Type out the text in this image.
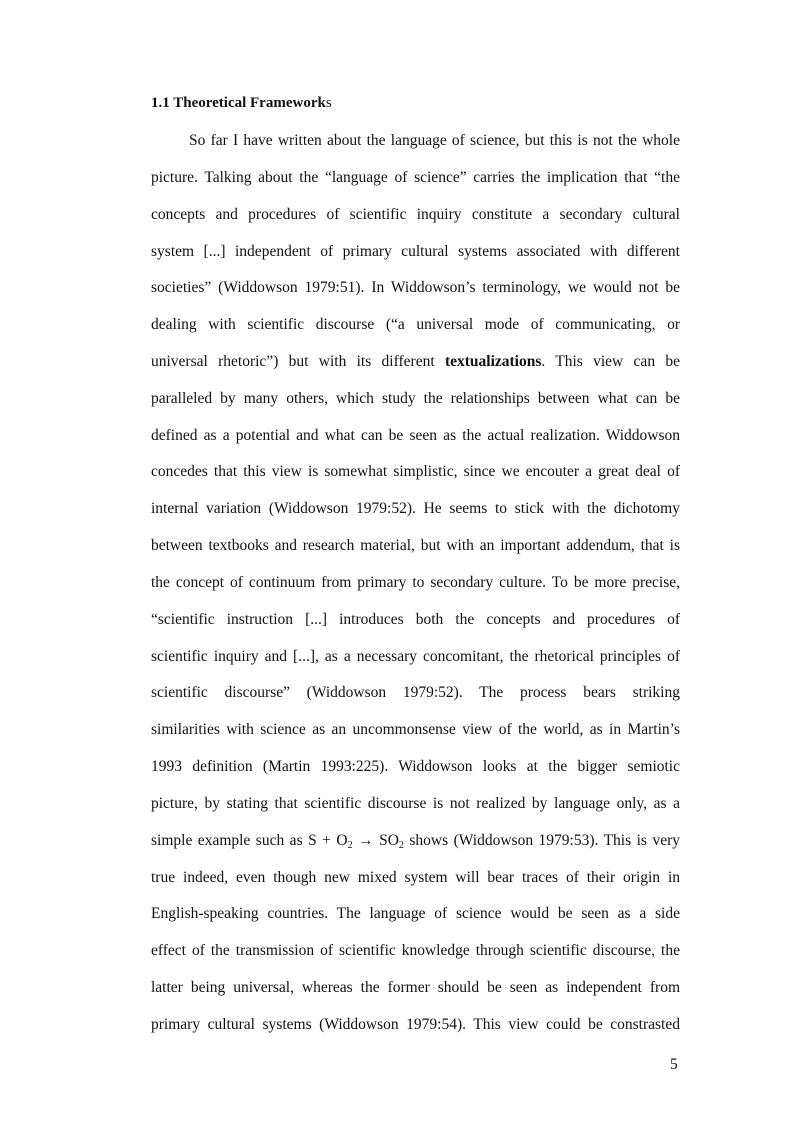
1.1 Theoretical Frameworks
So far I have written about the language of science, but this is not the whole
picture. Talking about the “language of science” carries the implication that “the
concepts and procedures of scientific inquiry constitute a secondary cultural
system [...] independent of primary cultural systems associated with different
societies” (Widdowson 1979:51). In Widdowson’s terminology, we would not be
dealing with scientific discourse (“a universal mode of communicating, or
universal rhetoric”) but with its different textualizations. This view can be
paralleled by many others, which study the relationships between what can be
defined as a potential and what can be seen as the actual realization. Widdowson
concedes that this view is somewhat simplistic, since we encouter a great deal of
internal variation (Widdowson 1979:52). He seems to stick with the dichotomy
between textbooks and research material, but with an important addendum, that is
the concept of continuum from primary to secondary culture. To be more precise,
“scientific instruction [...] introduces both the concepts and procedures of
scientific inquiry and [...], as a necessary concomitant, the rhetorical principles of
scientific discourse” (Widdowson 1979:52). The process bears striking
similarities with science as an uncommonsense view of the world, as in Martin’s
1993 definition (Martin 1993:225). Widdowson looks at the bigger semiotic
picture, by stating that scientific discourse is not realized by language only, as a
simple example such as $S + O_2 \to SO_2$ shows (Widdowson 1979:53). This is very
true indeed, even though new mixed system will bear traces of their origin in
English-speaking countries. The language of science would be seen as a side
effect of the transmission of scientific knowledge through scientific discourse, the
latter being universal, whereas the former should be seen as independent from
primary cultural systems (Widdowson 1979:54). This view could be constrasted
5
